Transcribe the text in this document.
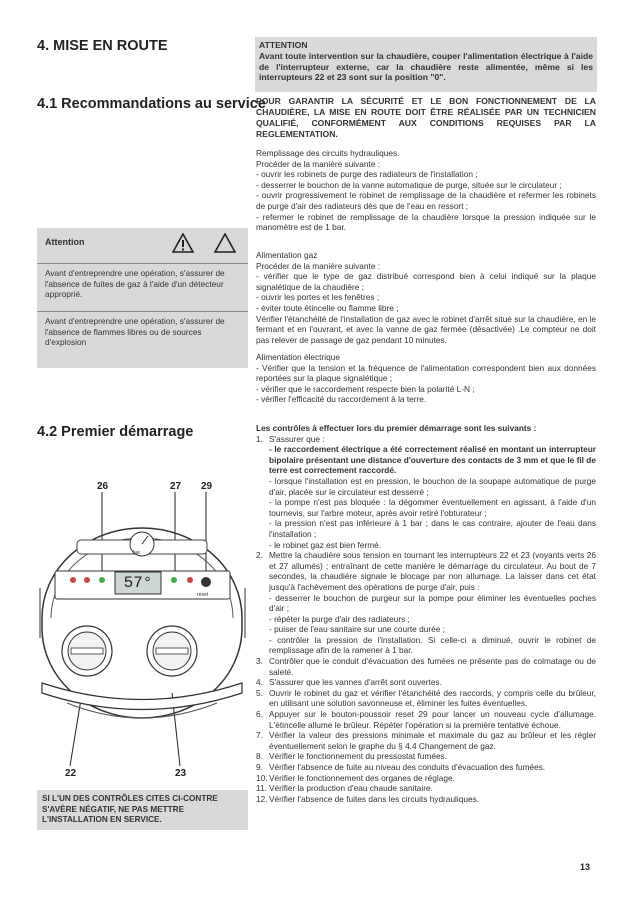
4. MISE EN ROUTE	ATTENTION
Avant toute intervention sur la chaudière, couper l'alimentation électrique à l'aide de l'interrupteur externe, car la chaudière reste alimentée, même si les interrupteurs 22 et 23 sont sur la position "0".
4.1 Recommandations au service
POUR GARANTIR LA SÉCURITÉ ET LE BON FONCTIONNEMENT DE LA CHAUDIÈRE, LA MISE EN ROUTE DOIT ÊTRE RÉALISÉE PAR UN TECHNICIEN QUALIFIÉ, CONFORMÉMENT AUX CONDITIONS REQUISES PAR LA REGLEMENTATION.
Remplissage des circuits hydrauliques.
Procéder de la manière suivante :
- ouvrir les robinets de purge des radiateurs de l'installation ;
- desserrer le bouchon de la vanne automatique de purge, située sur le circulateur ;
- ouvrir progressivement le robinet de remplissage de la chaudière et refermer les robinets de purge d'air des radiateurs dès que de l'eau en ressort ;
- refermer le robinet de remplissage de la chaudière lorsque la pression indiquée sur le manomètre est de 1 bar.
Alimentation gaz
Procéder de la manière suivante :
- vérifier que le type de gaz distribué correspond bien à celui indiqué sur la plaque signalétique de la chaudière ;
- ouvrir les portes et les fenêtres ;
- éviter toute étincelle ou flamme libre ;
Vérifier l'étanchéité de l'installation de gaz avec le robinet d'arrêt situé sur la chaudière, en le fermant et en l'ouvrant, et avec la vanne de gaz fermée (désactivée) .Le compteur ne doit pas relever de passage de gaz pendant 10 minutes.
Alimentation électrique
- Vérifier que la tension et la fréquence de l'alimentation correspondent bien aux données reportées sur la plaque signalétique ;
- vérifier que le raccordement respecte bien la polarité L-N ;
- vérifier l'efficacité du raccordement à la terre.
Attention
Avant d'entreprendre une opération, s'assurer de l'absence de fuites de gaz à l'aide d'un détecteur approprié.
Avant d'entreprendre une opération, s'assurer de l'absence de flammes libres ou de sources d'explosion
4.2 Premier démarrage
26	27 29
22	23
57°
bar
reset
SI L'UN DES CONTRÔLES CITES CI-CONTRE S'AVÈRE NÉGATIF, NE PAS METTRE L'INSTALLATION EN SERVICE.
Les contrôles à effectuer lors du premier démarrage sont les suivants :
1. S'assurer que :
- le raccordement électrique a été correctement réalisé en montant un interrupteur bipolaire présentant une distance d'ouverture des contacts de 3 mm et que le fil de terre est correctement raccordé.
- lorsque l'installation est en pression, le bouchon de la soupape automatique de purge d'air, placée sur le circulateur est desserré ;
- la pompe n'est pas bloquée : la dégommer éventuellement en agissant, à l'aide d'un tournevis, sur l'arbre moteur, après avoir retiré l'obturateur ;
- la pression n'est pas inférieure à 1 bar ; dans le cas contraire, ajouter de l'eau dans l'installation ;
- le robinet gaz est bien fermé.
2. Mettre la chaudière sous tension en tournant les interrupteurs 22 et 23 (voyants verts 26 et 27 allumés) ; entraînant de cette manière le démarrage du circulateur. Au bout de 7 secondes, la chaudière signale le blocage par non allumage. La laisser dans cet état jusqu'à l'achèvement des opérations de purge d'air, puis :
- desserrer le bouchon de purgeur sur la pompe pour éliminer les éventuelles poches d'air ;
- répéter la purge d'air des radiateurs ;
- puiser de l'eau sanitaire sur une courte durée ;
- contrôler la pression de l'installation. Si celle-ci a diminué, ouvrir le robinet de remplissage afin de la ramener à 1 bar.
3. Contrôler que le conduit d'évacuation des fumées ne présente pas de colmatage ou de saleté.
4. S'assurer que les vannes d'arrêt sont ouvertes.
5. Ouvrir le robinet du gaz et vérifier l'étanchéité des raccords, y compris celle du brûleur, en utilisant une solution savonneuse et, éliminer les fuites éventuelles.
6. Appuyer sur le bouton-poussoir reset 29 pour lancer un nouveau cycle d'allumage. L'étincelle allume le brûleur. Répéter l'opération si la première tentative échoue.
7. Vérifier la valeur des pressions minimale et maximale du gaz au brûleur et les régler éventuellement selon le graphe du § 4.4 Changement de gaz.
8. Vérifier le fonctionnement du pressostat fumées.
9. Vérifier l'absence de fuite au niveau des conduits d'évacuation des fumées.
10. Vérifier le fonctionnement des organes de réglage.
11. Vérifier la production d'eau chaude sanitaire.
12. Vérifier l'absence de fuites dans les circuits hydrauliques.
13
